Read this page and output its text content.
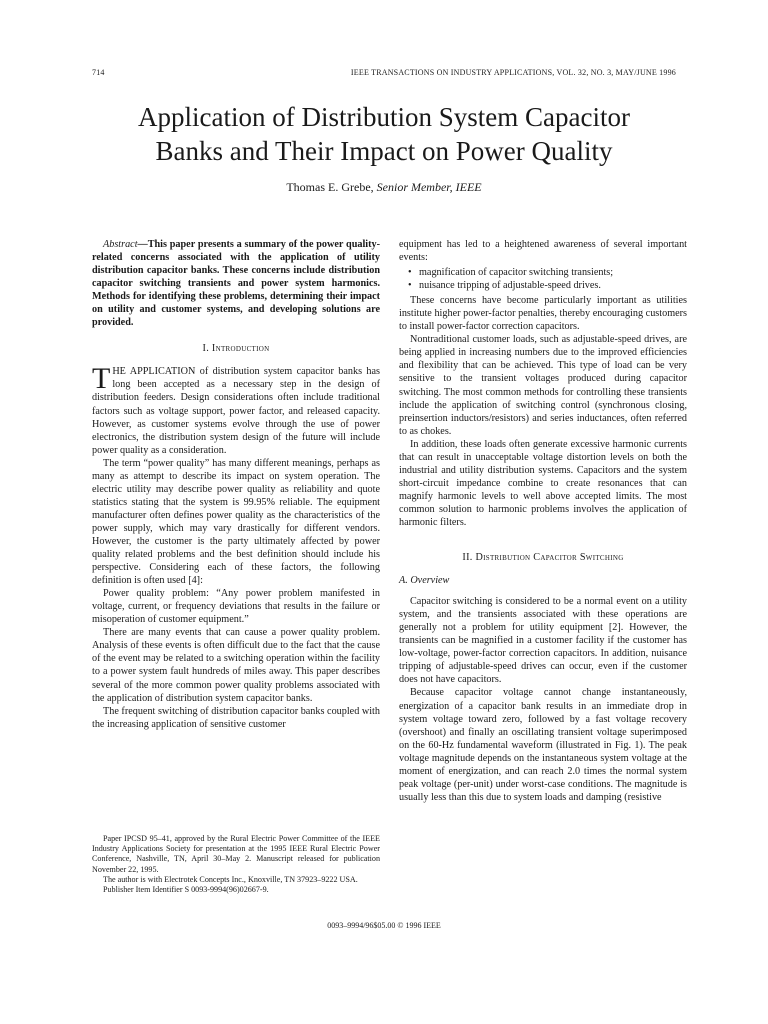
714	IEEE TRANSACTIONS ON INDUSTRY APPLICATIONS, VOL. 32, NO. 3, MAY/JUNE 1996
Application of Distribution System Capacitor
Banks and Their Impact on Power Quality
Thomas E. Grebe, Senior Member, IEEE

Abstract—This paper presents a summary of the power quality-related concerns associated with the application of utility distribution capacitor banks. These concerns include distribution capacitor switching transients and power system harmonics. Methods for identifying these problems, determining their impact on utility and customer systems, and developing solutions are provided.

I. Introduction

THE APPLICATION of distribution system capacitor banks has long been accepted as a necessary step in the design of distribution feeders. Design considerations often include traditional factors such as voltage support, power factor, and released capacity. However, as customer systems evolve through the use of power electronics, the distribution system design of the future will include power quality as a consideration.

The term “power quality” has many different meanings, perhaps as many as attempt to describe its impact on system operation. The electric utility may describe power quality as reliability and quote statistics stating that the system is 99.95% reliable. The equipment manufacturer often defines power quality as the characteristics of the power supply, which may vary drastically for different vendors. However, the customer is the party ultimately affected by power quality related problems and the best definition should include his perspective. Considering each of these factors, the following definition is often used [4]:

Power quality problem: “Any power problem manifested in voltage, current, or frequency deviations that results in the failure or misoperation of customer equipment.”

There are many events that can cause a power quality problem. Analysis of these events is often difficult due to the fact that the cause of the event may be related to a switching operation within the facility to a power system fault hundreds of miles away. This paper describes several of the more common power quality problems associated with the application of distribution system capacitor banks.

The frequent switching of distribution capacitor banks coupled with the increasing application of sensitive customer

Paper IPCSD 95–41, approved by the Rural Electric Power Committee of the IEEE Industry Applications Society for presentation at the 1995 IEEE Rural Electric Power Conference, Nashville, TN, April 30–May 2. Manuscript released for publication November 22, 1995.

The author is with Electrotek Concepts Inc., Knoxville, TN 37923–9222 USA.

Publisher Item Identifier S 0093-9994(96)02667-9.

equipment has led to a heightened awareness of several important events:

• magnification of capacitor switching transients;
• nuisance tripping of adjustable-speed drives.

These concerns have become particularly important as utilities institute higher power-factor penalties, thereby encouraging customers to install power-factor correction capacitors.

Nontraditional customer loads, such as adjustable-speed drives, are being applied in increasing numbers due to the improved efficiencies and flexibility that can be achieved. This type of load can be very sensitive to the transient voltages produced during capacitor switching. The most common methods for controlling these transients include the application of switching control (synchronous closing, preinsertion inductors/resistors) and series inductances, often referred to as chokes.

In addition, these loads often generate excessive harmonic currents that can result in unacceptable voltage distortion levels on both the industrial and utility distribution systems. Capacitors and the system short-circuit impedance combine to create resonances that can magnify harmonic levels to well above accepted limits. The most common solution to harmonic problems involves the application of harmonic filters.

II. Distribution Capacitor Switching

A. Overview

Capacitor switching is considered to be a normal event on a utility system, and the transients associated with these operations are generally not a problem for utility equipment [2]. However, the transients can be magnified in a customer facility if the customer has low-voltage, power-factor correction capacitors. In addition, nuisance tripping of adjustable-speed drives can occur, even if the customer does not have capacitors.

Because capacitor voltage cannot change instantaneously, energization of a capacitor bank results in an immediate drop in system voltage toward zero, followed by a fast voltage recovery (overshoot) and finally an oscillating transient voltage superimposed on the 60-Hz fundamental waveform (illustrated in Fig. 1). The peak voltage magnitude depends on the instantaneous system voltage at the moment of energization, and can reach 2.0 times the normal system peak voltage (per-unit) under worst-case conditions. The magnitude is usually less than this due to system loads and damping (resistive

0093–9994/96$05.00 © 1996 IEEE
